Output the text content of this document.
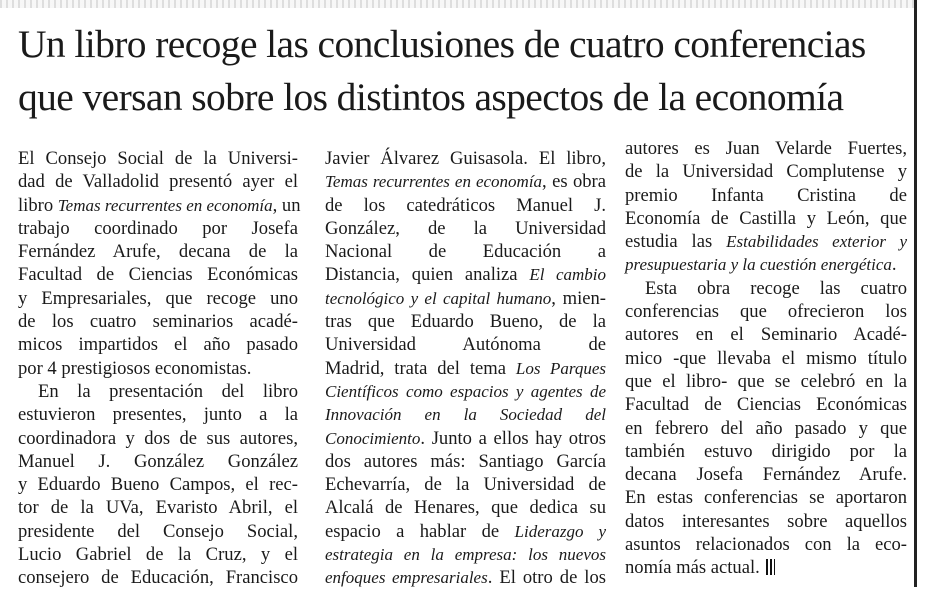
Un libro recoge las conclusiones de cuatro conferencias
que versan sobre los distintos aspectos de la economía
El Consejo Social de la Universi-
dad de Valladolid presentó ayer el
libro Temas recurrentes en economía, un
trabajo coordinado por Josefa
Fernández Arufe, decana de la
Facultad de Ciencias Económicas
y Empresariales, que recoge uno
de los cuatro seminarios acadé-
micos impartidos el año pasado
por 4 prestigiosos economistas.
En la presentación del libro
estuvieron presentes, junto a la
coordinadora y dos de sus autores,
Manuel J. González González
y Eduardo Bueno Campos, el rec-
tor de la UVa, Evaristo Abril, el
presidente del Consejo Social,
Lucio Gabriel de la Cruz, y el
consejero de Educación, Francisco
Javier Álvarez Guisasola. El libro,
Temas recurrentes en economía, es obra
de los catedráticos Manuel J.
González, de la Universidad
Nacional de Educación a
Distancia, quien analiza El cambio
tecnológico y el capital humano, mien-
tras que Eduardo Bueno, de la
Universidad Autónoma de
Madrid, trata del tema Los Parques
Científicos como espacios y agentes de
Innovación en la Sociedad del
Conocimiento. Junto a ellos hay otros
dos autores más: Santiago García
Echevarría, de la Universidad de
Alcalá de Henares, que dedica su
espacio a hablar de Liderazgo y
estrategia en la empresa: los nuevos
enfoques empresariales. El otro de los
autores es Juan Velarde Fuertes,
de la Universidad Complutense y
premio Infanta Cristina de
Economía de Castilla y León, que
estudia las Estabilidades exterior y
presupuestaria y la cuestión energética.
Esta obra recoge las cuatro
conferencias que ofrecieron los
autores en el Seminario Acadé-
mico -que llevaba el mismo título
que el libro- que se celebró en la
Facultad de Ciencias Económicas
en febrero del año pasado y que
también estuvo dirigido por la
decana Josefa Fernández Arufe.
En estas conferencias se aportaron
datos interesantes sobre aquellos
asuntos relacionados con la eco-
nomía más actual.
